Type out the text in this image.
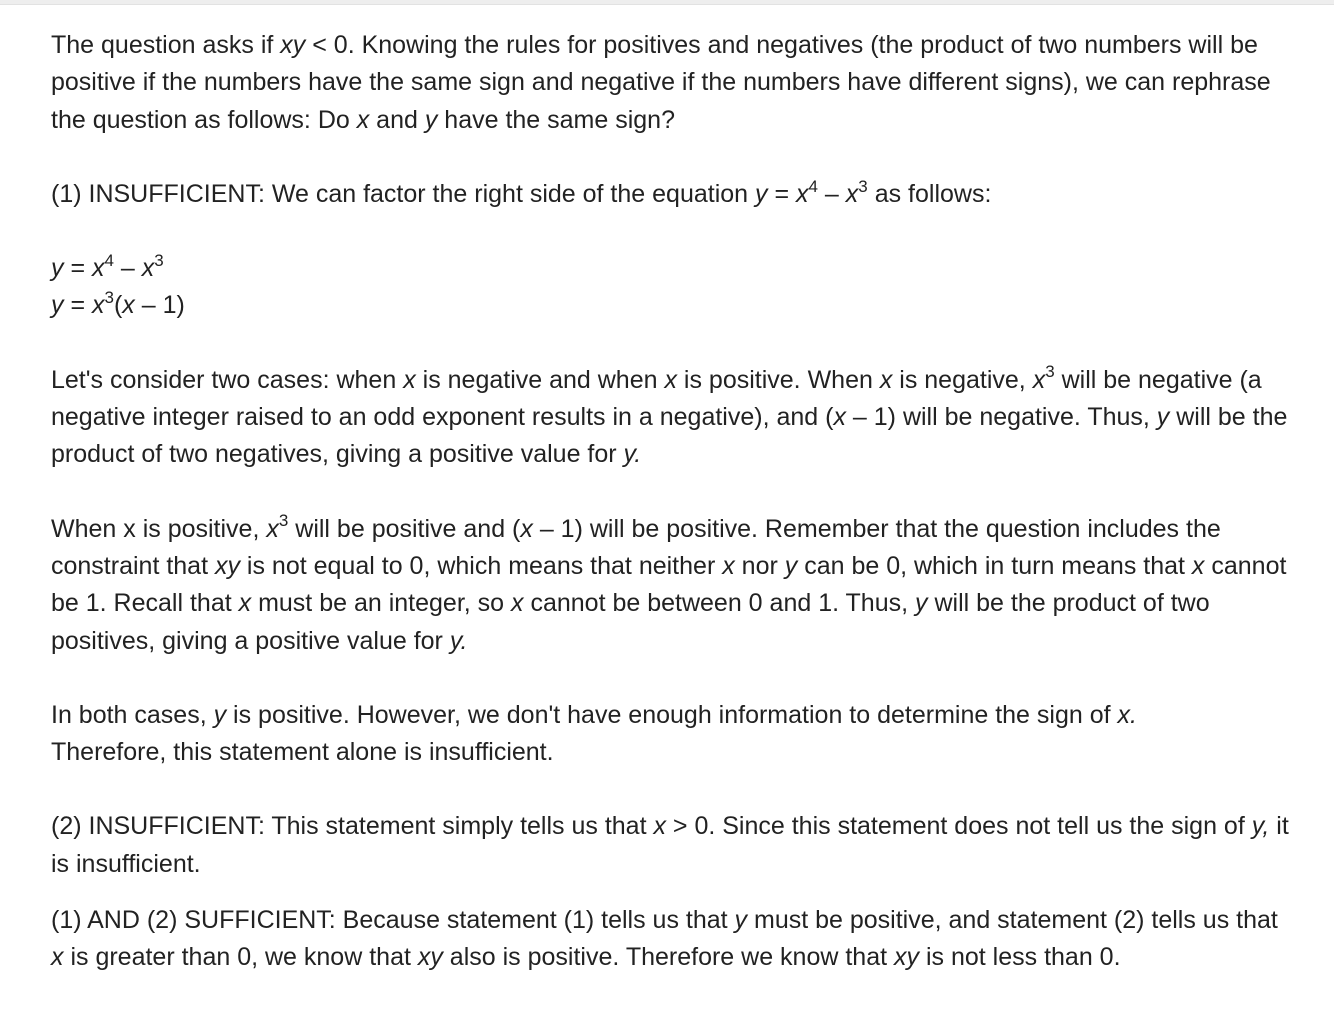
The question asks if xy < 0. Knowing the rules for positives and negatives (the product of two numbers will be positive if the numbers have the same sign and negative if the numbers have different signs), we can rephrase the question as follows: Do x and y have the same sign?

(1) INSUFFICIENT: We can factor the right side of the equation $y = x^4 - x^3$ as follows:

$y = x^4 - x^3$
$y = x^3(x - 1)$

Let's consider two cases: when x is negative and when x is positive. When x is negative, $x^3$ will be negative (a negative integer raised to an odd exponent results in a negative), and (x – 1) will be negative. Thus, y will be the product of two negatives, giving a positive value for y.

When x is positive, $x^3$ will be positive and (x – 1) will be positive. Remember that the question includes the constraint that xy is not equal to 0, which means that neither x nor y can be 0, which in turn means that x cannot be 1. Recall that x must be an integer, so x cannot be between 0 and 1. Thus, y will be the product of two positives, giving a positive value for y.

In both cases, y is positive. However, we don't have enough information to determine the sign of x.
Therefore, this statement alone is insufficient.

(2) INSUFFICIENT: This statement simply tells us that x > 0. Since this statement does not tell us the sign of y, it is insufficient.

(1) AND (2) SUFFICIENT: Because statement (1) tells us that y must be positive, and statement (2) tells us that x is greater than 0, we know that xy also is positive. Therefore we know that xy is not less than 0.
